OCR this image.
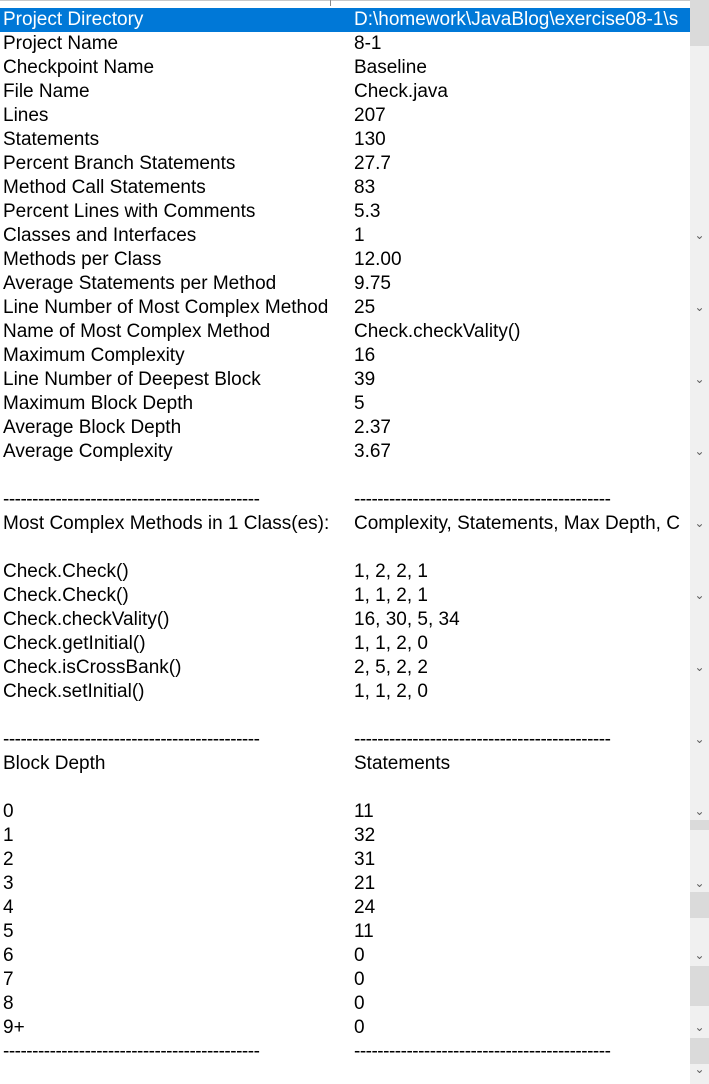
Project Directory	D:\homework\JavaBlog\exercise08-1\s
Project Name	8-1
Checkpoint Name	Baseline
File Name	Check.java
Lines	207
Statements	130
Percent Branch Statements	27.7
Method Call Statements	83
Percent Lines with Comments	5.3
Classes and Interfaces	1
Methods per Class	12.00
Average Statements per Method	9.75
Line Number of Most Complex Method	25
Name of Most Complex Method	Check.checkVality()
Maximum Complexity	16
Line Number of Deepest Block	39
Maximum Block Depth	5
Average Block Depth	2.37
Average Complexity	3.67
--------------------------------------------	--------------------------------------------
Most Complex Methods in 1 Class(es):	Complexity, Statements, Max Depth, C
Check.Check()	1, 2, 2, 1
Check.Check()	1, 1, 2, 1
Check.checkVality()	16, 30, 5, 34
Check.getInitial()	1, 1, 2, 0
Check.isCrossBank()	2, 5, 2, 2
Check.setInitial()	1, 1, 2, 0
--------------------------------------------	--------------------------------------------
Block Depth	Statements
0	11
1	32
2	31
3	21
4	24
5	11
6	0
7	0
8	0
9+	0
--------------------------------------------	--------------------------------------------
⌄
⌄
⌄
⌄
⌄
⌄
⌄
⌄
⌄
⌄
⌄
⌄
⌄
